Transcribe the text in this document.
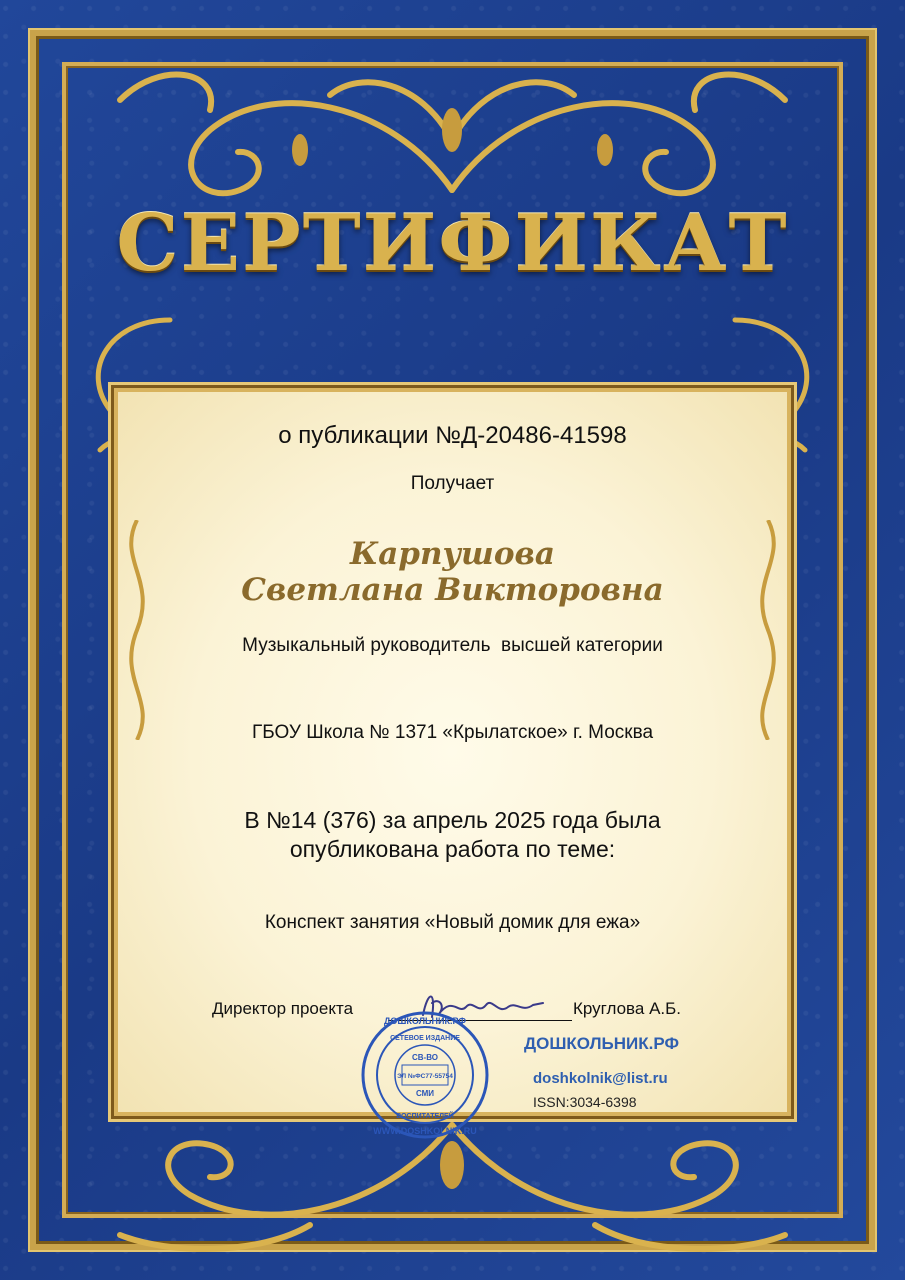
СЕРТИФИКАТ
о публикации №Д-20486-41598
Получает
Карпушова
Светлана Викторовна
Музыкальный руководитель  высшей категории
ГБОУ Школа № 1371 «Крылатское» г. Москва
В №14 (376) за апрель 2025 года была
опубликована работа по теме:
Конспект занятия «Новый домик для ежа»
Директор проекта	Круглова А.Б.
ДОШКОЛЬНИК.РФ
WWW.DOSHKOLNIK.RU
СЕТЕВОЕ ИЗДАНИЕ
ВОСПИТАТЕЛЕЙ
СВ-ВО
ЭЛ №ФС77-55754
СМИ
ДОШКОЛЬНИК.РФ
doshkolnik@list.ru
ISSN:3034-6398
